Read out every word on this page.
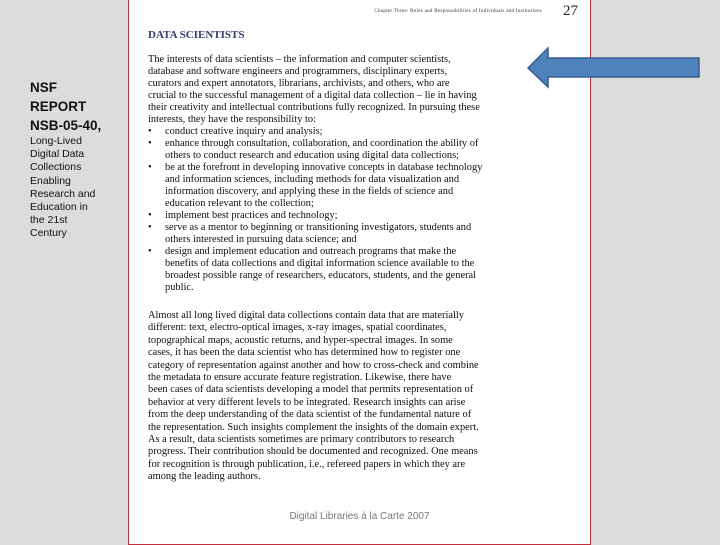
NSF
REPORT
NSB-05-40,
Long-Lived
Digital Data
Collections
Enabling
Research and
Education in
the 21st
Century
Chapter Three: Roles and Responsibilities of Individuals and Institutions 27
DATA SCIENTISTS
The interests of data scientists – the information and computer scientists,
database and software engineers and programmers, disciplinary experts,
curators and expert annotators, librarians, archivists, and others, who are
crucial to the successful management of a digital data collection – lie in having
their creativity and intellectual contributions fully recognized. In pursuing these
interests, they have the responsibility to:
•	conduct creative inquiry and analysis;
•	enhance through consultation, collaboration, and coordination the ability of
others to conduct research and education using digital data collections;
•	be at the forefront in developing innovative concepts in database technology
and information sciences, including methods for data visualization and
information discovery, and applying these in the fields of science and
education relevant to the collection;
•	implement best practices and technology;
•	serve as a mentor to beginning or transitioning investigators, students and
others interested in pursuing data science; and
•	design and implement education and outreach programs that make the
benefits of data collections and digital information science available to the
broadest possible range of researchers, educators, students, and the general
public.
Almost all long lived digital data collections contain data that are materially
different: text, electro-optical images, x-ray images, spatial coordinates,
topographical maps, acoustic returns, and hyper-spectral images. In some
cases, it has been the data scientist who has determined how to register one
category of representation against another and how to cross-check and combine
the metadata to ensure accurate feature registration. Likewise, there have
been cases of data scientists developing a model that permits representation of
behavior at very different levels to be integrated. Research insights can arise
from the deep understanding of the data scientist of the fundamental nature of
the representation. Such insights complement the insights of the domain expert.
As a result, data scientists sometimes are primary contributors to research
progress. Their contribution should be documented and recognized. One means
for recognition is through publication, i.e., refereed papers in which they are
among the leading authors.
Digital Libraries à la Carte 2007
